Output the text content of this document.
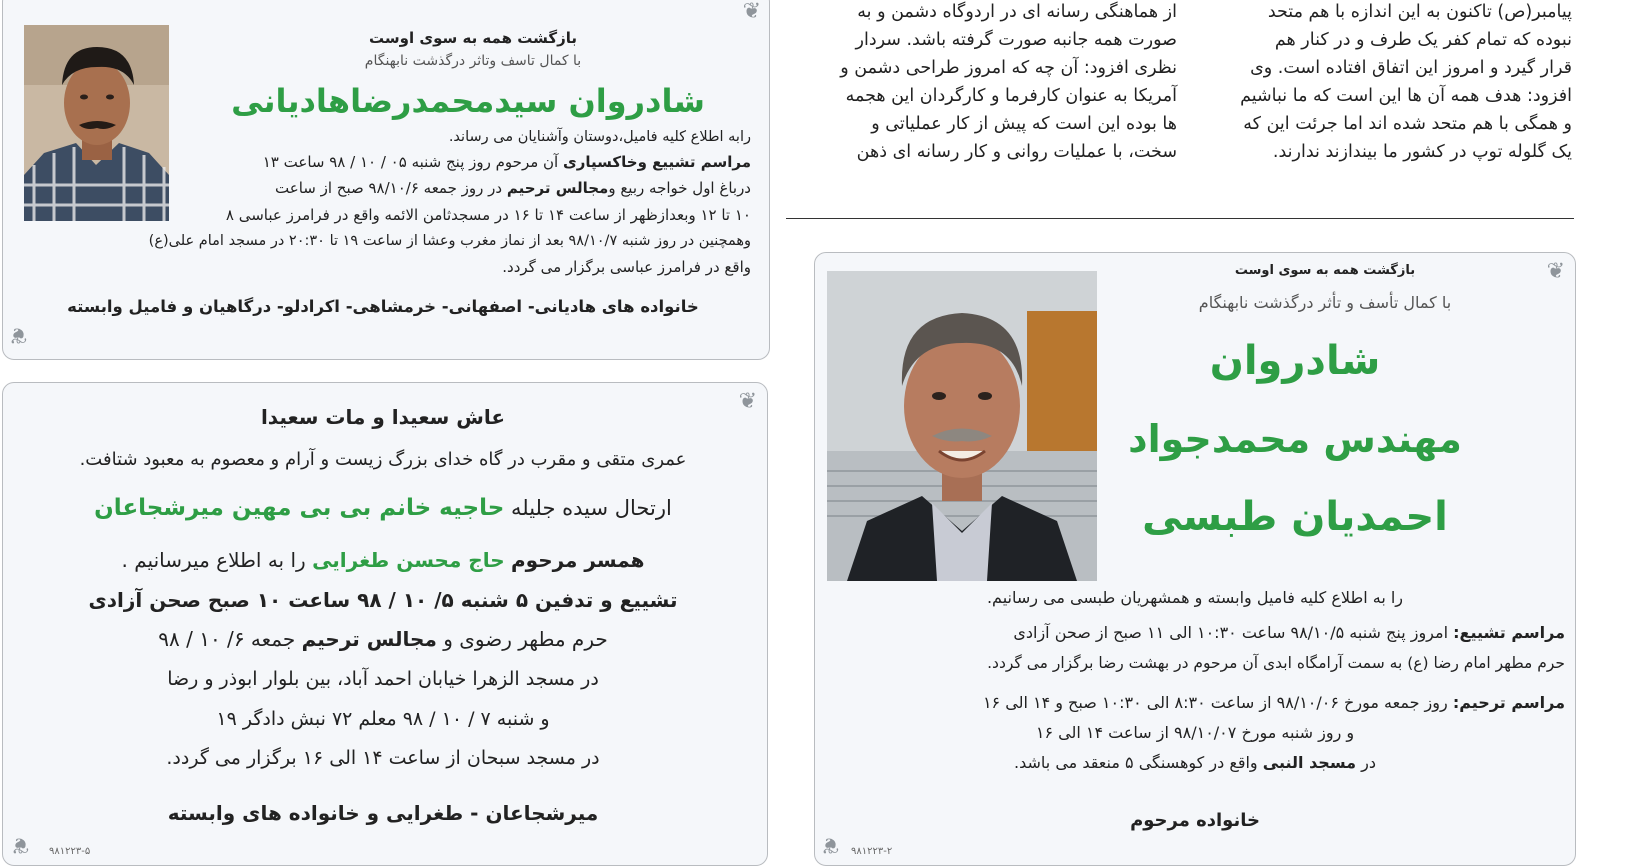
پیامبر(ص) تاکنون به این اندازه با هم متحد
نبوده که تمام کفر یک طرف و در کنار هم
قرار گیرد و امروز این اتفاق افتاده است. وی
افزود: هدف همه آن ها این است که ما نباشیم
و همگی با هم متحد شده اند اما جرئت این که
یک گلوله توپ در کشور ما بیندازند ندارند.
از هماهنگی رسانه ای در اردوگاه دشمن و به
صورت همه جانبه صورت گرفته باشد. سردار
نظری افزود: آن چه که امروز طراحی دشمن و
آمریکا به عنوان کارفرما و کارگردان این هجمه
ها بوده این است که پیش از کار عملیاتی و
سخت، با عملیات روانی و کار رسانه ای ذهن
❦
❦
بازگشت همه به سوی اوست
با کمال تاسف وتاثر درگذشت نابهنگام
شادروان سیدمحمدرضاهادیانی
رابه اطلاع کلیه فامیل،دوستان وآشنایان می رساند.
مراسم تشییع وخاکسپاری آن مرحوم روز پنج شنبه ۰۵ / ۱۰ / ۹۸ ساعت ۱۳
درباغ اول خواجه ربیع ومجالس ترحیم در روز جمعه ۹۸/۱۰/۶ صبح از ساعت
۱۰ تا ۱۲ وبعدازظهر از ساعت ۱۴ تا ۱۶ در مسجدثامن الائمه واقع در فرامرز عباسی ۸
وهمچنین در روز شنبه ۹۸/۱۰/۷ بعد از نماز مغرب وعشا از ساعت ۱۹ تا ۲۰:۳۰ در مسجد امام علی(ع)
واقع در فرامرز عباسی برگزار می گردد.
خانواده های هادیانی- اصفهانی- خرمشاهی- اکرادلو- درگاهیان و فامیل وابسته
❦
❦
عاش سعیدا و مات سعیدا
عمری متقی و مقرب در گاه خدای بزرگ زیست و آرام و معصوم به معبود شتافت.
ارتحال سیده جلیله حاجیه خانم بی بی مهین میرشجاعان
همسر مرحوم حاج محسن طغرایی را به اطلاع میرسانیم .
تشییع و تدفین ۵ شنبه ۵/ ۱۰ / ۹۸ ساعت ۱۰ صبح صحن آزادی
حرم مطهر رضوی و مجالس ترحیم جمعه ۶/ ۱۰ / ۹۸
در مسجد الزهرا خیابان احمد آباد، بین بلوار ابوذر و رضا
و شنبه ۷ / ۱۰ / ۹۸ معلم ۷۲ نبش دادگر ۱۹
در مسجد سبحان از ساعت ۱۴ الی ۱۶ برگزار می گردد.
میرشجاعان - طغرایی و خانواده های وابسته
۹۸۱۲۲۳-۵
❦
❦
بازگشت همه به سوی اوست
با کمال تأسف و تأثر درگذشت نابهنگام
شادروان
مهندس محمدجواد
احمدیان طبسی
را به اطلاع کلیه فامیل وابسته و همشهریان طبسی می رسانیم.
مراسم تشییع: امروز پنج شنبه ۹۸/۱۰/۵ ساعت ۱۰:۳۰ الی ۱۱ صبح از صحن آزادی
حرم مطهر امام رضا (ع) به سمت آرامگاه ابدی آن مرحوم در بهشت رضا برگزار می گردد.
مراسم ترحیم: روز جمعه مورخ ۹۸/۱۰/۰۶ از ساعت ۸:۳۰ الی ۱۰:۳۰ صبح و ۱۴ الی ۱۶
و روز شنبه مورخ ۹۸/۱۰/۰۷ از ساعت ۱۴ الی ۱۶
در مسجد النبی واقع در کوهسنگی ۵ منعقد می باشد.
خانواده مرحوم
۹۸۱۲۲۳-۲
